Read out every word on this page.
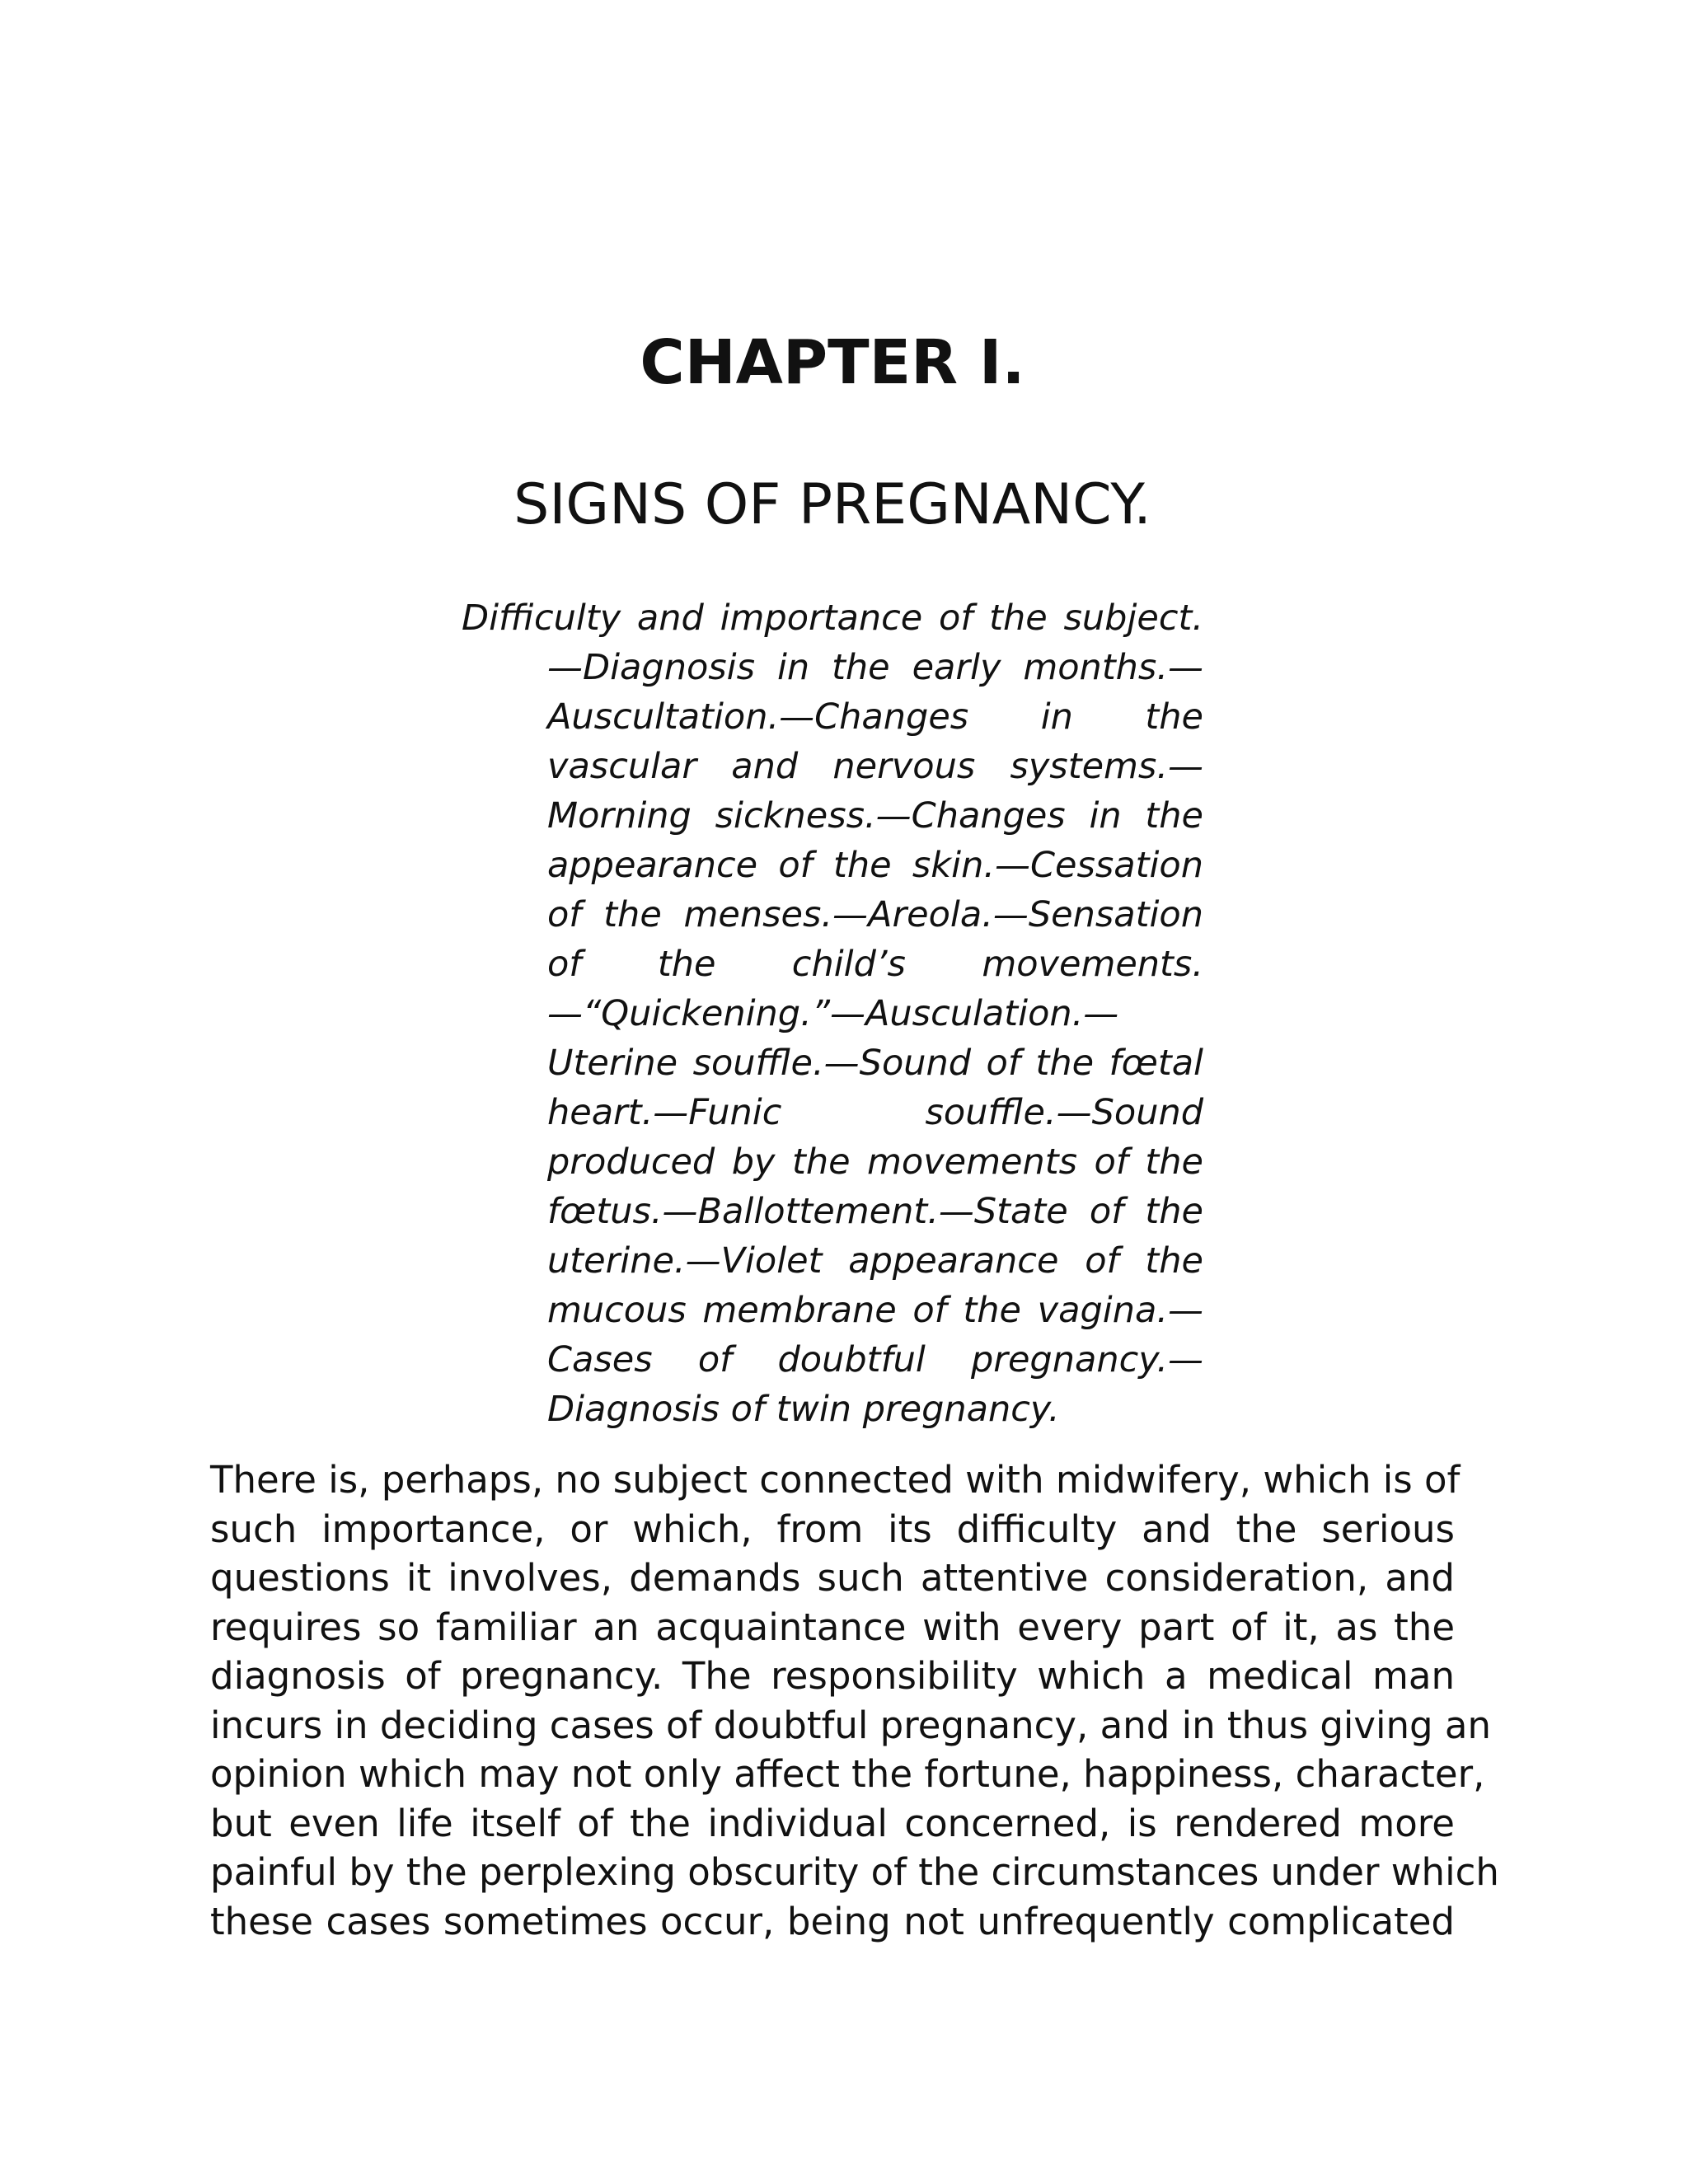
CHAPTER I.
SIGNS OF PREGNANCY.
Difficulty and importance of the subject.
—Diagnosis in the early months.—
Auscultation.—Changes in the
vascular and nervous systems.—
Morning sickness.—Changes in the
appearance of the skin.—Cessation
of the menses.—Areola.—Sensation
of the child’s movements.
—“Quickening.”—Ausculation.—
Uterine souffle.—Sound of the fœtal
heart.—Funic souffle.—Sound
produced by the movements of the
fœtus.—Ballottement.—State of the
uterine.—Violet appearance of the
mucous membrane of the vagina.—
Cases of doubtful pregnancy.—
Diagnosis of twin pregnancy.
There is, perhaps, no subject connected with midwifery, which is of
such importance, or which, from its difficulty and the serious
questions it involves, demands such attentive consideration, and
requires so familiar an acquaintance with every part of it, as the
diagnosis of pregnancy. The responsibility which a medical man
incurs in deciding cases of doubtful pregnancy, and in thus giving an
opinion which may not only affect the fortune, happiness, character,
but even life itself of the individual concerned, is rendered more
painful by the perplexing obscurity of the circumstances under which
these cases sometimes occur, being not unfrequently complicated
